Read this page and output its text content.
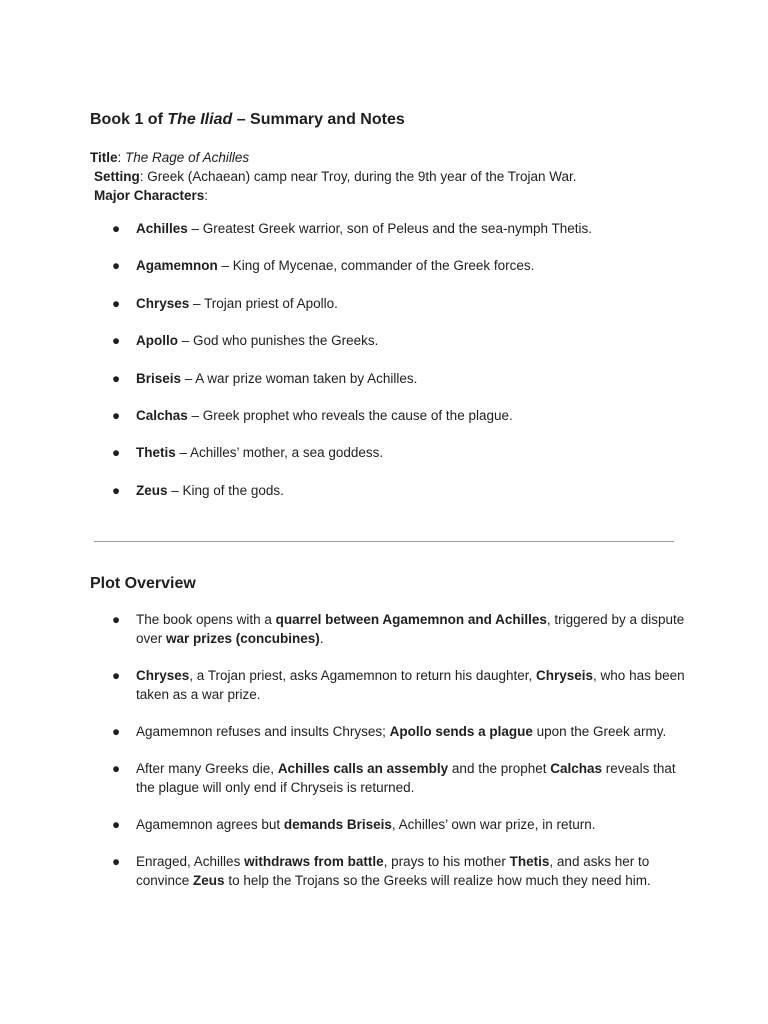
Book 1 of The Iliad – Summary and Notes
Title: The Rage of Achilles
Setting: Greek (Achaean) camp near Troy, during the 9th year of the Trojan War.
Major Characters:
● Achilles – Greatest Greek warrior, son of Peleus and the sea-nymph Thetis.
● Agamemnon – King of Mycenae, commander of the Greek forces.
● Chryses – Trojan priest of Apollo.
● Apollo – God who punishes the Greeks.
● Briseis – A war prize woman taken by Achilles.
● Calchas – Greek prophet who reveals the cause of the plague.
● Thetis – Achilles’ mother, a sea goddess.
● Zeus – King of the gods.
Plot Overview
● The book opens with a quarrel between Agamemnon and Achilles, triggered by a dispute over war prizes (concubines).
● Chryses, a Trojan priest, asks Agamemnon to return his daughter, Chryseis, who has been taken as a war prize.
● Agamemnon refuses and insults Chryses; Apollo sends a plague upon the Greek army.
● After many Greeks die, Achilles calls an assembly and the prophet Calchas reveals that the plague will only end if Chryseis is returned.
● Agamemnon agrees but demands Briseis, Achilles’ own war prize, in return.
● Enraged, Achilles withdraws from battle, prays to his mother Thetis, and asks her to convince Zeus to help the Trojans so the Greeks will realize how much they need him.
